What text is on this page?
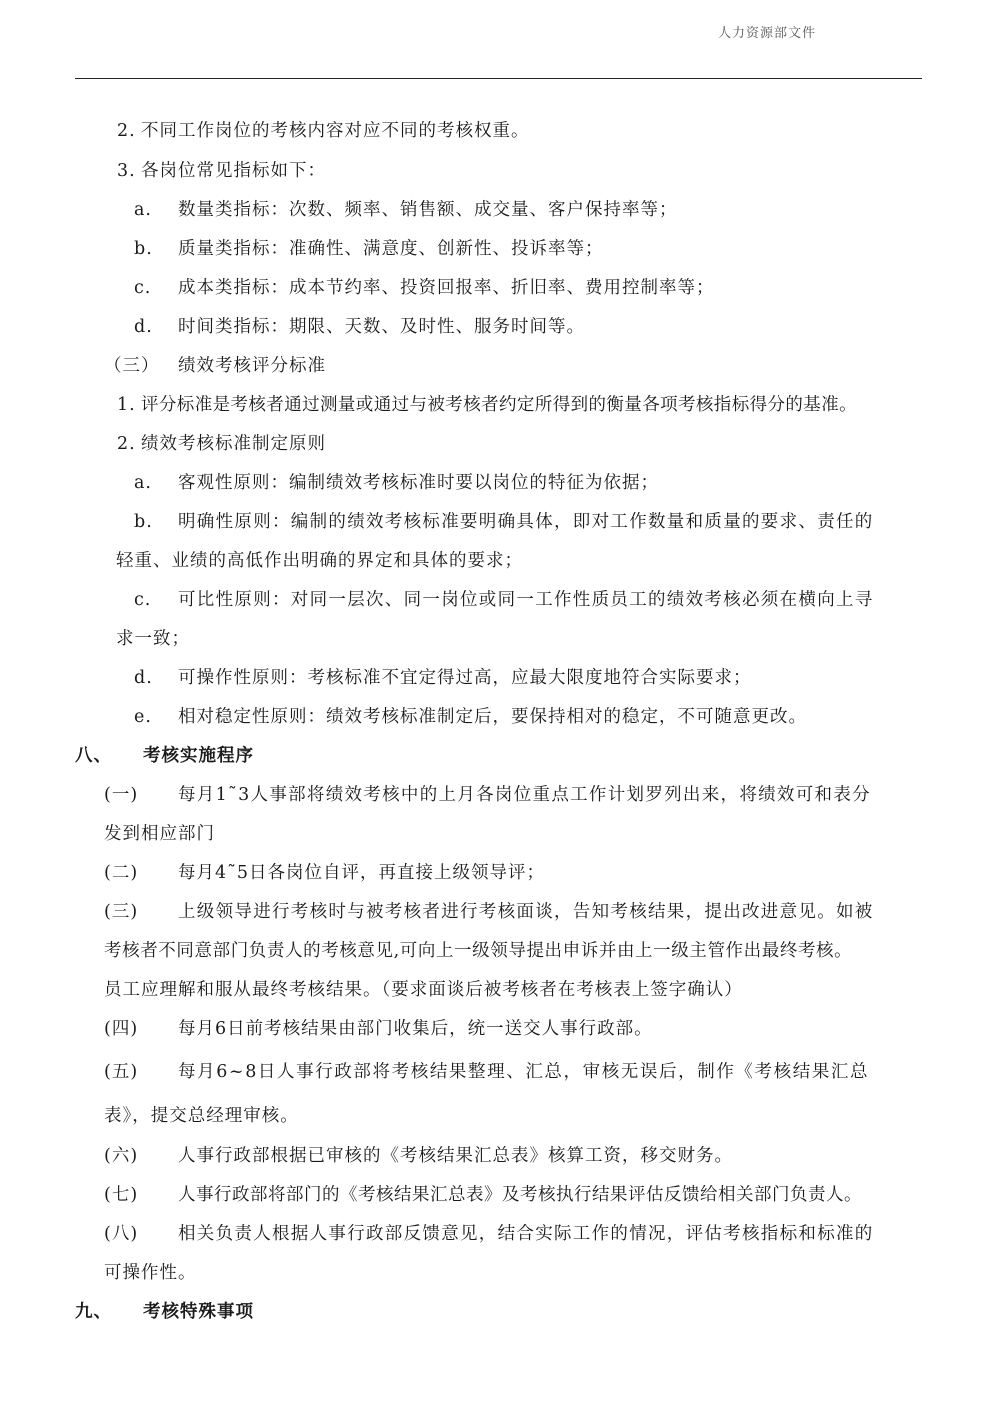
人力资源部文件
2. 不同工作岗位的考核内容对应不同的考核权重。
3. 各岗位常见指标如下：
a. 数量类指标：次数、频率、销售额、成交量、客户保持率等；
b. 质量类指标：准确性、满意度、创新性、投诉率等；
c. 成本类指标：成本节约率、投资回报率、折旧率、费用控制率等；
d. 时间类指标：期限、天数、及时性、服务时间等。
（三） 绩效考核评分标准
1. 评分标准是考核者通过测量或通过与被考核者约定所得到的衡量各项考核指标得分的基准。
2. 绩效考核标准制定原则
a. 客观性原则：编制绩效考核标准时要以岗位的特征为依据；
b. 明确性原则：编制的绩效考核标准要明确具体，即对工作数量和质量的要求、责任的
轻重、业绩的高低作出明确的界定和具体的要求；
c. 可比性原则：对同一层次、同一岗位或同一工作性质员工的绩效考核必须在横向上寻
求一致；
d. 可操作性原则：考核标准不宜定得过高，应最大限度地符合实际要求；
e. 相对稳定性原则：绩效考核标准制定后，要保持相对的稳定，不可随意更改。
八、 考核实施程序
(一) 每月1˜3人事部将绩效考核中的上月各岗位重点工作计划罗列出来，将绩效可和表分
发到相应部门
(二) 每月4˜5日各岗位自评，再直接上级领导评；
(三) 上级领导进行考核时与被考核者进行考核面谈，告知考核结果，提出改进意见。如被
考核者不同意部门负责人的考核意见,可向上一级领导提出申诉并由上一级主管作出最终考核。
员工应理解和服从最终考核结果。（要求面谈后被考核者在考核表上签字确认）
(四) 每月6日前考核结果由部门收集后，统一送交人事行政部。
(五) 每月6~8日人事行政部将考核结果整理、汇总，审核无误后，制作《考核结果汇总
表》，提交总经理审核。
(六) 人事行政部根据已审核的《考核结果汇总表》核算工资，移交财务。
(七) 人事行政部将部门的《考核结果汇总表》及考核执行结果评估反馈给相关部门负责人。
(八) 相关负责人根据人事行政部反馈意见，结合实际工作的情况，评估考核指标和标准的
可操作性。
九、 考核特殊事项
